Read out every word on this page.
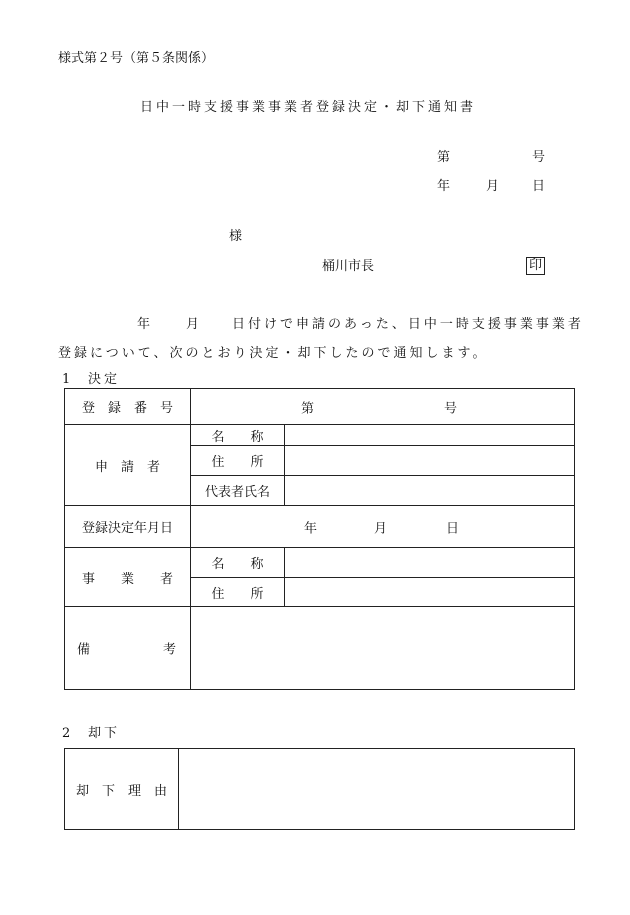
様式第２号（第５条関係）
日中一時支援事業事業者登録決定・却下通知書
第	号
年	月	日
様
桶川市長	印
年	月	日付けで申請のあった、日中一時支援事業事業者
登録について、次のとおり決定・却下したので通知します。
1 決定
登　録　番　号	第 号	

申　請　者	名　　称	
	住　　所	
	代表者氏名	
登録決定年月日	年 月 日	

事　　業　　者	名　　称	
	住　　所	

備 考		

2 却下
却　下　理　由	
